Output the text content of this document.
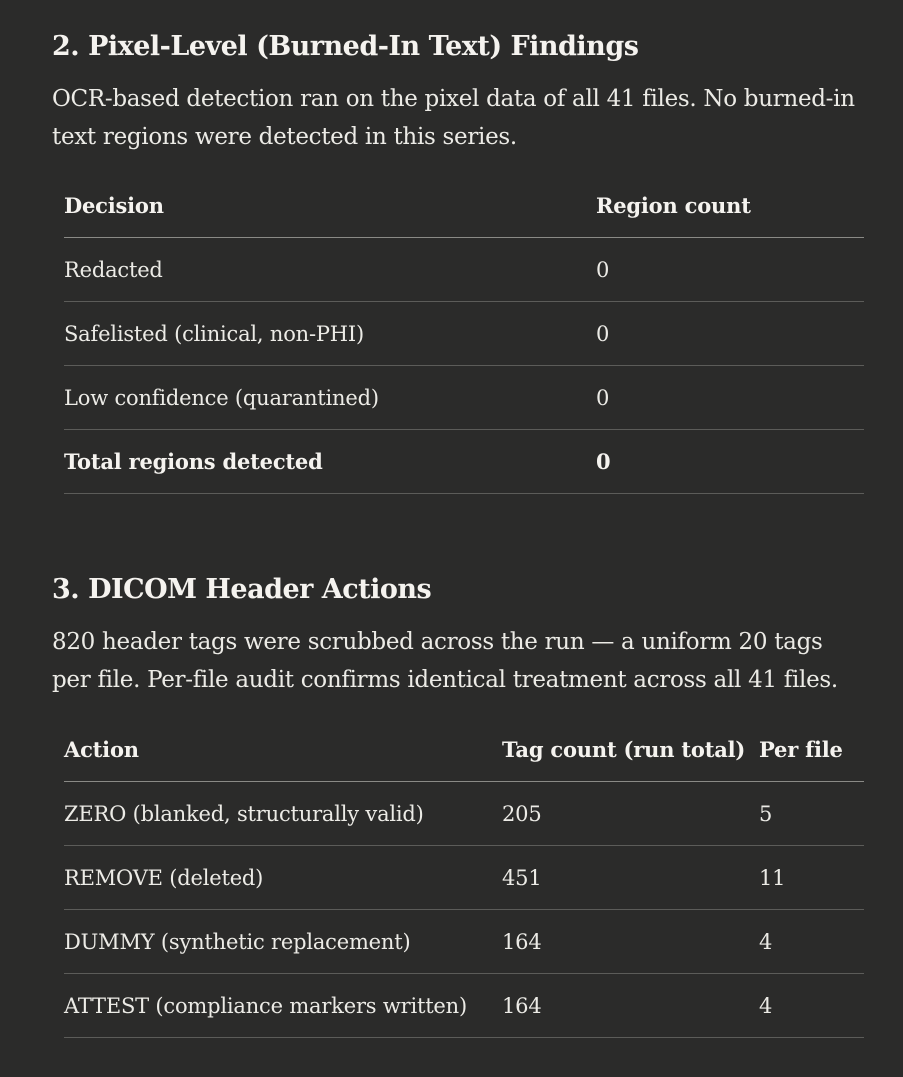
2. Pixel-Level (Burned-In Text) Findings

OCR-based detection ran on the pixel data of all 41 files. No burned-in text regions were detected in this series.

Decision	Region count
Redacted	0
Safelisted (clinical, non-PHI)	0
Low confidence (quarantined)	0
Total regions detected	0
3. DICOM Header Actions

820 header tags were scrubbed across the run — a uniform 20 tags per file. Per-file audit confirms identical treatment across all 41 files.

Action	Tag count (run total)	Per file
ZERO (blanked, structurally valid)	205	5
REMOVE (deleted)	451	11
DUMMY (synthetic replacement)	164	4
ATTEST (compliance markers written)	164	4
